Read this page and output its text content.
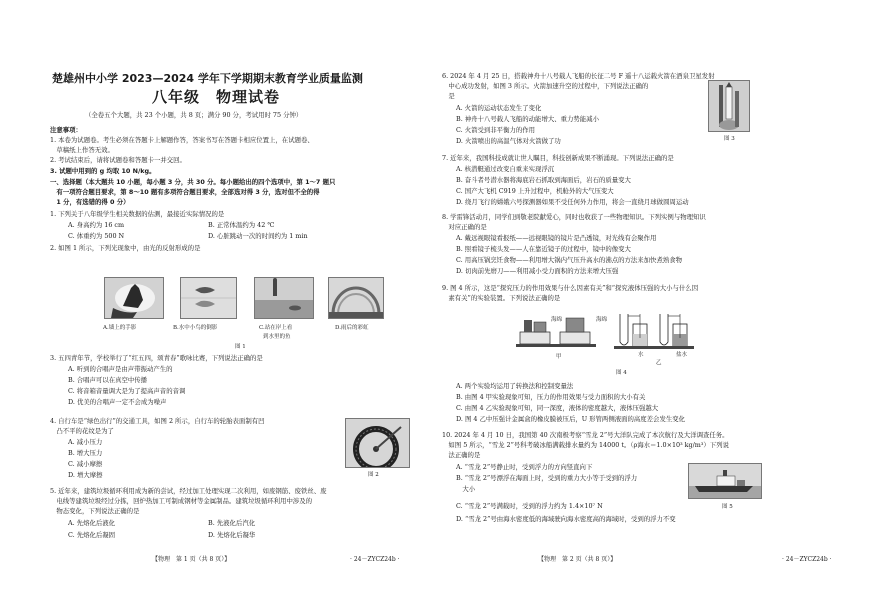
楚雄州中小学 2023—2024 学年下学期期末教育学业质量监测
八年级　物理试卷
（全卷五个大题，共 23 个小题，共 8 页；满分 90 分，考试用时 75 分钟）
注意事项：
1. 本卷为试题卷。考生必须在答题卡上解题作答，答案书写在答题卡相应位置上，在试题卷、
　草稿纸上作答无效。
2. 考试结束后，请将试题卷和答题卡一并交回。
3. 试题中用到的 g 均取 10 N/kg。
一、选择题（本大题共 10 小题，每小题 3 分，共 30 分。每小题给出的四个选项中，第 1～7 题只
　有一项符合题目要求，第 8～10 题有多项符合题目要求，全部选对得 3 分，选对但不全的得
　1 分，有选错的得 0 分）
1. 下列关于八年级学生相关数据的估测，最接近实际情况的是
A. 身高约为 16 cm	B. 正常体温约为 42 ℃
C. 体重约为 500 N	D. 心脏跳动一次的时间约为 1 min
2. 如图 1 所示，下列光现象中，由光的反射形成的是
A.墙上的手影	B.水中小鸟的倒影	C.站在岸上看
到水里的鱼
D.雨后的彩虹
图 1
3. 五四青年节，学校举行了“红五四，颂青春”歌咏比赛，下列说法正确的是
A. 听到的合唱声是由声带振动产生的
B. 合唱声可以在真空中传播
C. 将音箱音量调大是为了提高声音的音调
D. 优美的合唱声一定不会成为噪声
4. 自行车是“绿色出行”的交通工具，如图 2 所示，自行车的轮胎表面制有凹
　凸不平的花纹是为了
A. 减小压力
B. 增大压力
C. 减小摩擦
D. 增大摩擦	图 2
5. 近年来，建筑垃圾循环利用成为新的尝试，经过加工处理实现二次利用，如废钢筋、废铁丝、废
　电线等建筑垃圾经过分拣，回炉热加工可制成钢材等金属制品。建筑垃圾循环利用中涉及的
　物态变化，下列说法正确的是
A. 先熔化后液化	B. 先液化后汽化
C. 先熔化后凝固	D. 先熔化后凝华
【物理　第 1 页（共 8 页）】	· 24－ZYCZ24b ·
6. 2024 年 4 月 25 日，搭载神舟十八号载人飞船的长征二号 F 遥十八运载火箭在酒泉卫星发射
　中心成功发射，如图 3 所示。火箭加速升空的过程中，下列说法正确的
　是
A. 火箭的运动状态发生了变化
B. 神舟十八号载人飞船的动能增大、重力势能减小
C. 火箭受到非平衡力的作用
D. 火箭喷出的高温气体对火箭做了功	图 3
7. 近年来，我国科技成就让世人瞩目，科技创新成果不断涌现。下列说法正确的是
A. 核潜艇通过改变自重来实现浮沉
B. 奋斗者号潜水器将海底岩石抓取到海面后，岩石的质量变大
C. 国产大飞机 C919 上升过程中，机舱外的大气压变大
D. 绕月飞行的嫦娥六号探测器如果不受任何外力作用，将会一直绕月球做圆周运动
8. 学雷锋活动月，同学们到敬老院献爱心，同时也收获了一些物理知识。下列实例与物理知识
　对应正确的是
A. 戴远视眼镜看报纸——远视眼镜的镜片是凸透镜，对光线有会聚作用
B. 照看镜子梳头发——人在靠近镜子的过程中，镜中的像变大
C. 用高压锅烹饪食物——利用增大锅内气压升高水的沸点的方法来加快煮熟食物
D. 切肉前先磨刀——利用减小受力面积的方法来增大压强
9. 图 4 所示，这是“探究压力的作用效果与什么因素有关”和“探究液体压强的大小与什么因
　素有关”的实验装置。下列说法正确的是
海绵	海绵
甲	水	盐水
乙
图 4
A. 两个实验均运用了转换法和控制变量法
B. 由图 4 甲实验现象可知，压力的作用效果与受力面积的大小有关
C. 由图 4 乙实验现象可知，同一深度，液体的密度越大，液体压强越大
D. 图 4 乙中压强计金属盒的橡皮膜被压后，U 形管两侧液面的高度差会发生变化
10. 2024 年 4 月 10 日，我国第 40 次南极考察“雪龙 2”号大洋队完成了本次航行及大洋调查任务。
　如图 5 所示，“雪龙 2”号科考破冰船满载排水量约为 14000 t。（ρ海水＝1.0×10³ kg/m³）下列说
　法正确的是
A. “雪龙 2”号静止时，受到浮力的方向竖直向下
B. “雪龙 2”号漂浮在海面上时，受到的重力大小等于受到的浮力
　大小
C. “雪龙 2”号满载时，受到的浮力约为 1.4×10⁷ N
D. “雪龙 2”号由海水密度低的海域驶向海水密度高的海域时，受到的浮力不变
图 5
【物理　第 2 页（共 8 页）】	· 24－ZYCZ24b ·
